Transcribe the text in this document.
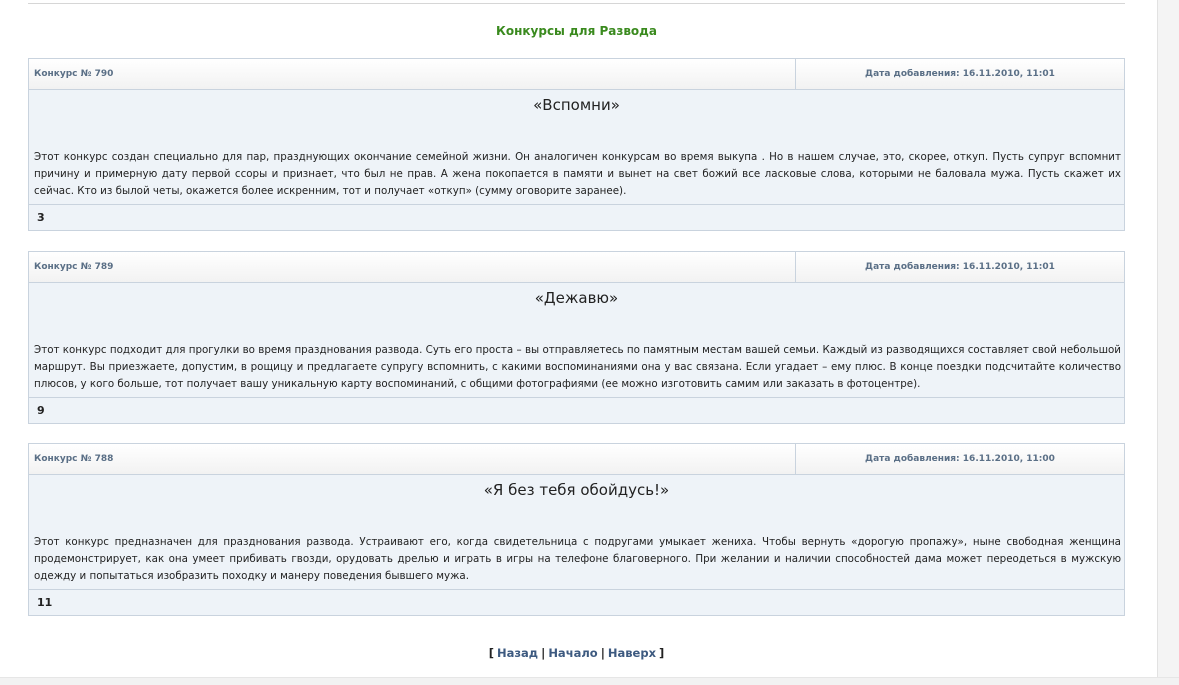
Конкурсы для Развода
Конкурс № 790	Дата добавления: 16.11.2010, 11:01
«Вспомни»
Этот конкурс создан специально для пар, празднующих окончание семейной жизни. Он аналогичен конкурсам во время выкупа . Но в нашем случае, это, скорее, откуп. Пусть супруг вспомнит причину и примерную дату первой ссоры и признает, что был не прав. А жена покопается в памяти и вынет на свет божий все ласковые слова, которыми не баловала мужа. Пусть скажет их сейчас. Кто из былой четы, окажется более искренним, тот и получает «откуп» (сумму оговорите заранее).
3
Конкурс № 789	Дата добавления: 16.11.2010, 11:01
«Дежавю»
Этот конкурс подходит для прогулки во время празднования развода. Суть его проста – вы отправляетесь по памятным местам вашей семьи. Каждый из разводящихся составляет свой небольшой маршрут. Вы приезжаете, допустим, в рощицу и предлагаете супругу вспомнить, с какими воспоминаниями она у вас связана. Если угадает – ему плюс. В конце поездки подсчитайте количество плюсов, у кого больше, тот получает вашу уникальную карту воспоминаний, с общими фотографиями (ее можно изготовить самим или заказать в фотоцентре).
9
Конкурс № 788	Дата добавления: 16.11.2010, 11:00
«Я без тебя обойдусь!»
Этот конкурс предназначен для празднования развода. Устраивают его, когда свидетельница с подругами умыкает жениха. Чтобы вернуть «дорогую пропажу», ныне свободная женщина продемонстрирует, как она умеет прибивать гвозди, орудовать дрелью и играть в игры на телефоне благоверного. При желании и наличии способностей дама может переодеться в мужскую одежду и попытаться изобразить походку и манеру поведения бывшего мужа.
11
[ Назад | Начало | Наверх ]
